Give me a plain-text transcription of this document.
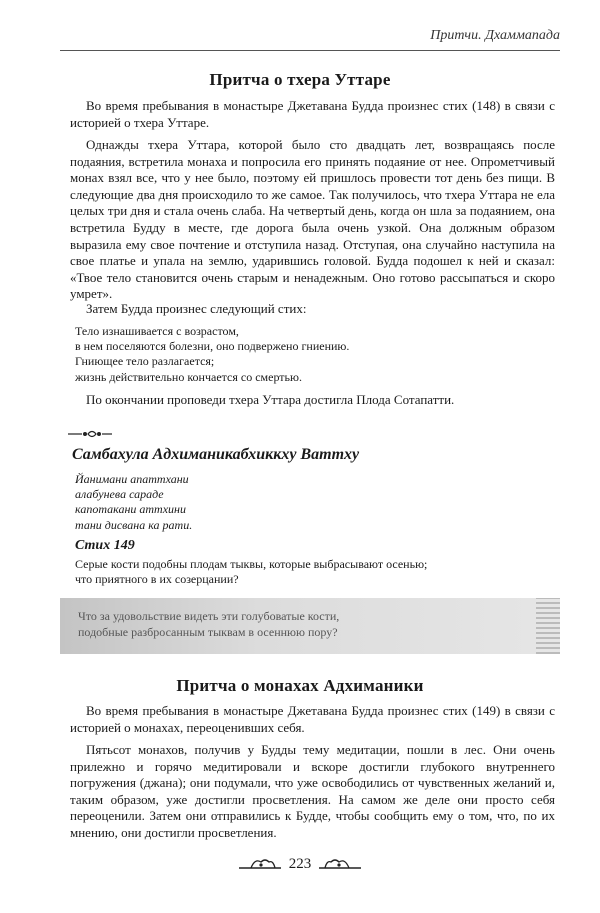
Притчи. Дхаммапада
Притча о тхера Уттаре

Во время пребывания в монастыре Джетавана Будда произнес стих (148) в связи с историей о тхера Уттаре.

Однажды тхера Уттара, которой было сто двадцать лет, возвращаясь после подаяния, встретила монаха и попросила его принять подаяние от нее. Опрометчивый монах взял все, что у нее было, поэтому ей пришлось провести тот день без пищи. В следующие два дня происходило то же самое. Так получилось, что тхера Уттара не ела целых три дня и стала очень слаба. На четвертый день, когда он шла за подаянием, она встретила Будду в месте, где дорога была очень узкой. Она должным образом выразила ему свое почтение и отступила назад. Отступая, она случайно наступила на свое платье и упала на землю, ударившись головой. Будда подошел к ней и сказал: «Твое тело становится очень старым и ненадежным. Оно готово рассыпаться и скоро умрет».

Затем Будда произнес следующий стих:

Тело изнашивается с возрастом,
в нем поселяются болезни, оно подвержено гниению.
Гниющее тело разлагается;
жизнь действительно кончается со смертью.

По окончании проповеди тхера Уттара достигла Плода Сотапатти.

Самбахула Адхиманикабхиккху Ваттху
Йанимани апаттхани
алабуневa сараде
капотакани аттхини
тани дисвана ка рати.
Стих 149
Серые кости подобны плодам тыквы, которые выбрасывают осенью;
что приятного в их созерцании?
Что за удовольствие видеть эти голубоватые кости,
подобные разбросанным тыквам в осеннюю пору?
Притча о монахах Адхиманики

Во время пребывания в монастыре Джетавана Будда произнес стих (149) в связи с историей о монахах, переоценивших себя.

Пятьсот монахов, получив у Будды тему медитации, пошли в лес. Они очень прилежно и горячо медитировали и вскоре достигли глубокого внутреннего погружения (джана); они подумали, что уже освободились от чувственных желаний и, таким образом, уже достигли просветления. На самом же деле они просто себя переоценили. Затем они отправились к Будде, чтобы сообщить ему о том, что, по их мнению, они достигли просветления.

223
